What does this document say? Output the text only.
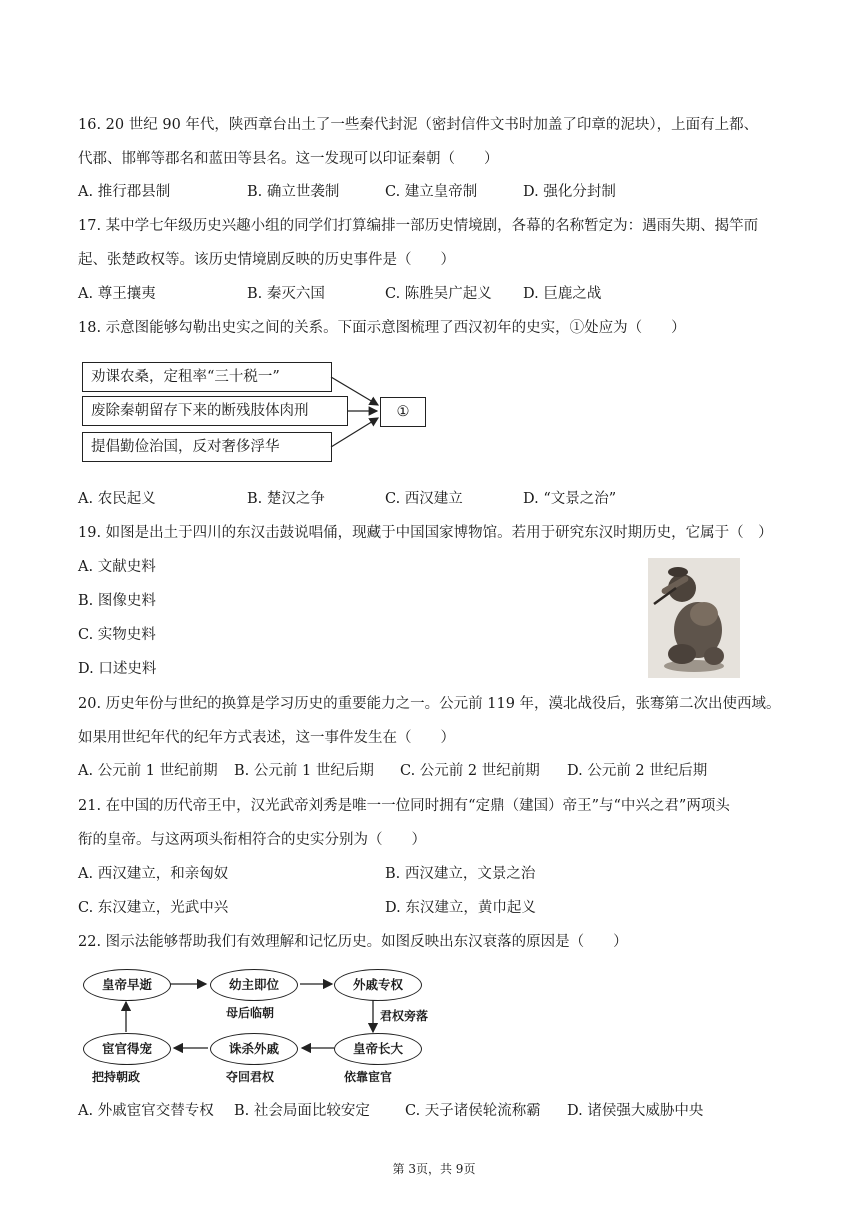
16. 20 世纪 90 年代，陕西章台出土了一些秦代封泥（密封信件文书时加盖了印章的泥块），上面有上都、
代郡、邯郸等郡名和蓝田等县名。这一发现可以印证秦朝（　　）
A. 推行郡县制	B. 确立世袭制	C. 建立皇帝制	D. 强化分封制
17. 某中学七年级历史兴趣小组的同学们打算编排一部历史情境剧，各幕的名称暂定为：遇雨失期、揭竿而
起、张楚政权等。该历史情境剧反映的历史事件是（　　）
A. 尊王攘夷	B. 秦灭六国	C. 陈胜吴广起义 D. 巨鹿之战
18. 示意图能够勾勒出史实之间的关系。下面示意图梳理了西汉初年的史实，①处应为（　　）
劝课农桑，定租率“三十税一”
废除秦朝留存下来的断残肢体肉刑
提倡勤俭治国，反对奢侈浮华
①
A. 农民起义	B. 楚汉之争	C. 西汉建立	D. “文景之治”
19. 如图是出土于四川的东汉击鼓说唱俑，现藏于中国国家博物馆。若用于研究东汉时期历史，它属于（　）
A. 文献史料
B. 图像史料
C. 实物史料
D. 口述史料
20. 历史年份与世纪的换算是学习历史的重要能力之一。公元前 119 年，漠北战役后，张骞第二次出使西域。
如果用世纪年代的纪年方式表述，这一事件发生在（　　）
A. 公元前 1 世纪前期 B. 公元前 1 世纪后期 C. 公元前 2 世纪前期 D. 公元前 2 世纪后期
21. 在中国的历代帝王中，汉光武帝刘秀是唯一一位同时拥有“定鼎（建国）帝王”与“中兴之君”两项头
衔的皇帝。与这两项头衔相符合的史实分别为（　　）
A. 西汉建立，和亲匈奴	B. 西汉建立，文景之治
C. 东汉建立，光武中兴	D. 东汉建立，黄巾起义
22. 图示法能够帮助我们有效理解和记忆历史。如图反映出东汉衰落的原因是（　　）
皇帝早逝	幼主即位	外戚专权
皇帝长大
诛杀外戚
宦官得宠
母后临朝	君权旁落
依靠宦官
夺回君权
把持朝政
A. 外戚宦官交替专权 B. 社会局面比较安定 C. 天子诸侯轮流称霸 D. 诸侯强大威胁中央
第 3页，共 9页
